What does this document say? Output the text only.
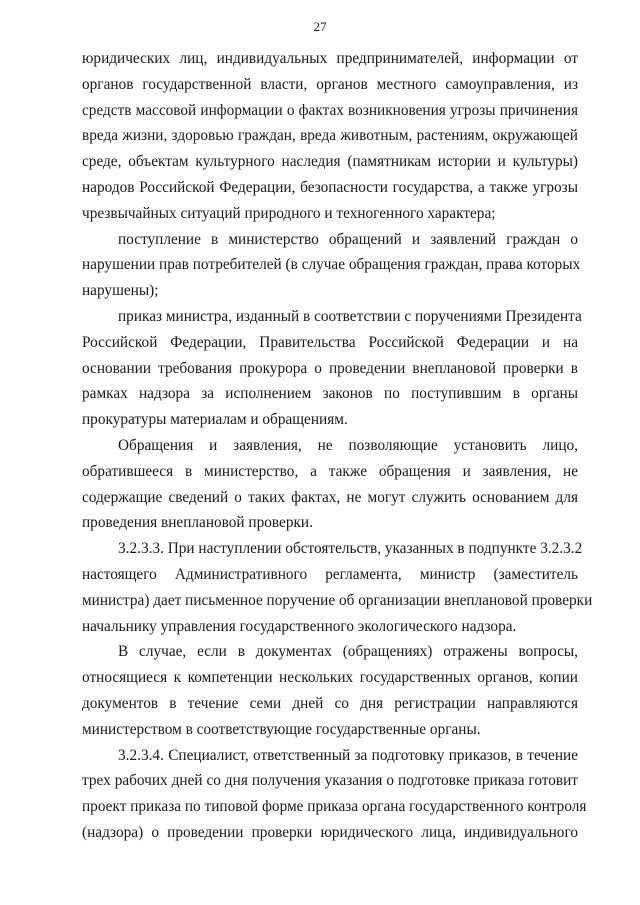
27
юридических лиц, индивидуальных предпринимателей, информации от
органов государственной власти, органов местного самоуправления, из
средств массовой информации о фактах возникновения угрозы причинения
вреда жизни, здоровью граждан, вреда животным, растениям, окружающей
среде, объектам культурного наследия (памятникам истории и культуры)
народов Российской Федерации, безопасности государства, а также угрозы
чрезвычайных ситуаций природного и техногенного характера;
поступление в министерство обращений и заявлений граждан о
нарушении прав потребителей (в случае обращения граждан, права которых
нарушены);
приказ министра, изданный в соответствии с поручениями Президента
Российской Федерации, Правительства Российской Федерации и на
основании требования прокурора о проведении внеплановой проверки в
рамках надзора за исполнением законов по поступившим в органы
прокуратуры материалам и обращениям.
Обращения и заявления, не позволяющие установить лицо,
обратившееся в министерство, а также обращения и заявления, не
содержащие сведений о таких фактах, не могут служить основанием для
проведения внеплановой проверки.
3.2.3.3. При наступлении обстоятельств, указанных в подпункте 3.2.3.2
настоящего Административного регламента, министр (заместитель
министра) дает письменное поручение об организации внеплановой проверки
начальнику управления государственного экологического надзора.
В случае, если в документах (обращениях) отражены вопросы,
относящиеся к компетенции нескольких государственных органов, копии
документов в течение семи дней со дня регистрации направляются
министерством в соответствующие государственные органы.
3.2.3.4. Специалист, ответственный за подготовку приказов, в течение
трех рабочих дней со дня получения указания о подготовке приказа готовит
проект приказа по типовой форме приказа органа государственного контроля
(надзора) о проведении проверки юридического лица, индивидуального
